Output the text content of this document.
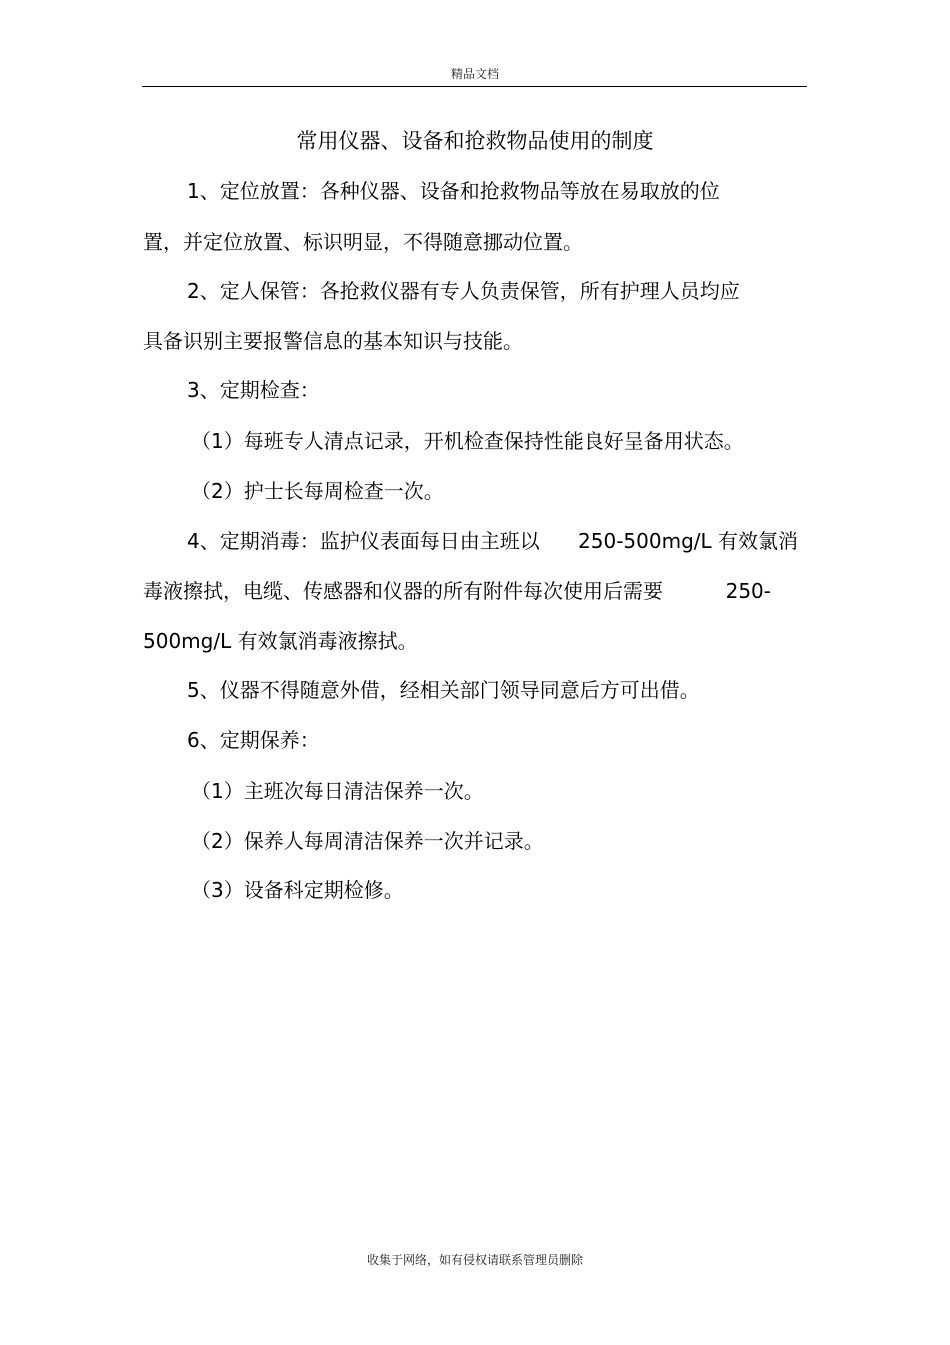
精品文档
常用仪器、设备和抢救物品使用的制度

1、定位放置：各种仪器、设备和抢救物品等放在易取放的位

置，并定位放置、标识明显，不得随意挪动位置。

2、定人保管：各抢救仪器有专人负责保管，所有护理人员均应

具备识别主要报警信息的基本知识与技能。

3、定期检查：

（1）每班专人清点记录，开机检查保持性能良好呈备用状态。

（2）护士长每周检查一次。

4、定期消毒：监护仪表面每日由主班以 250-500mg/L 有效氯消
毒液擦拭，电缆、传感器和仪器的所有附件每次使用后需要	250-

500mg/L 有效氯消毒液擦拭。

5、仪器不得随意外借，经相关部门领导同意后方可出借。

6、定期保养：

（1）主班次每日清洁保养一次。

（2）保养人每周清洁保养一次并记录。

（3）设备科定期检修。

收集于网络，如有侵权请联系管理员删除
